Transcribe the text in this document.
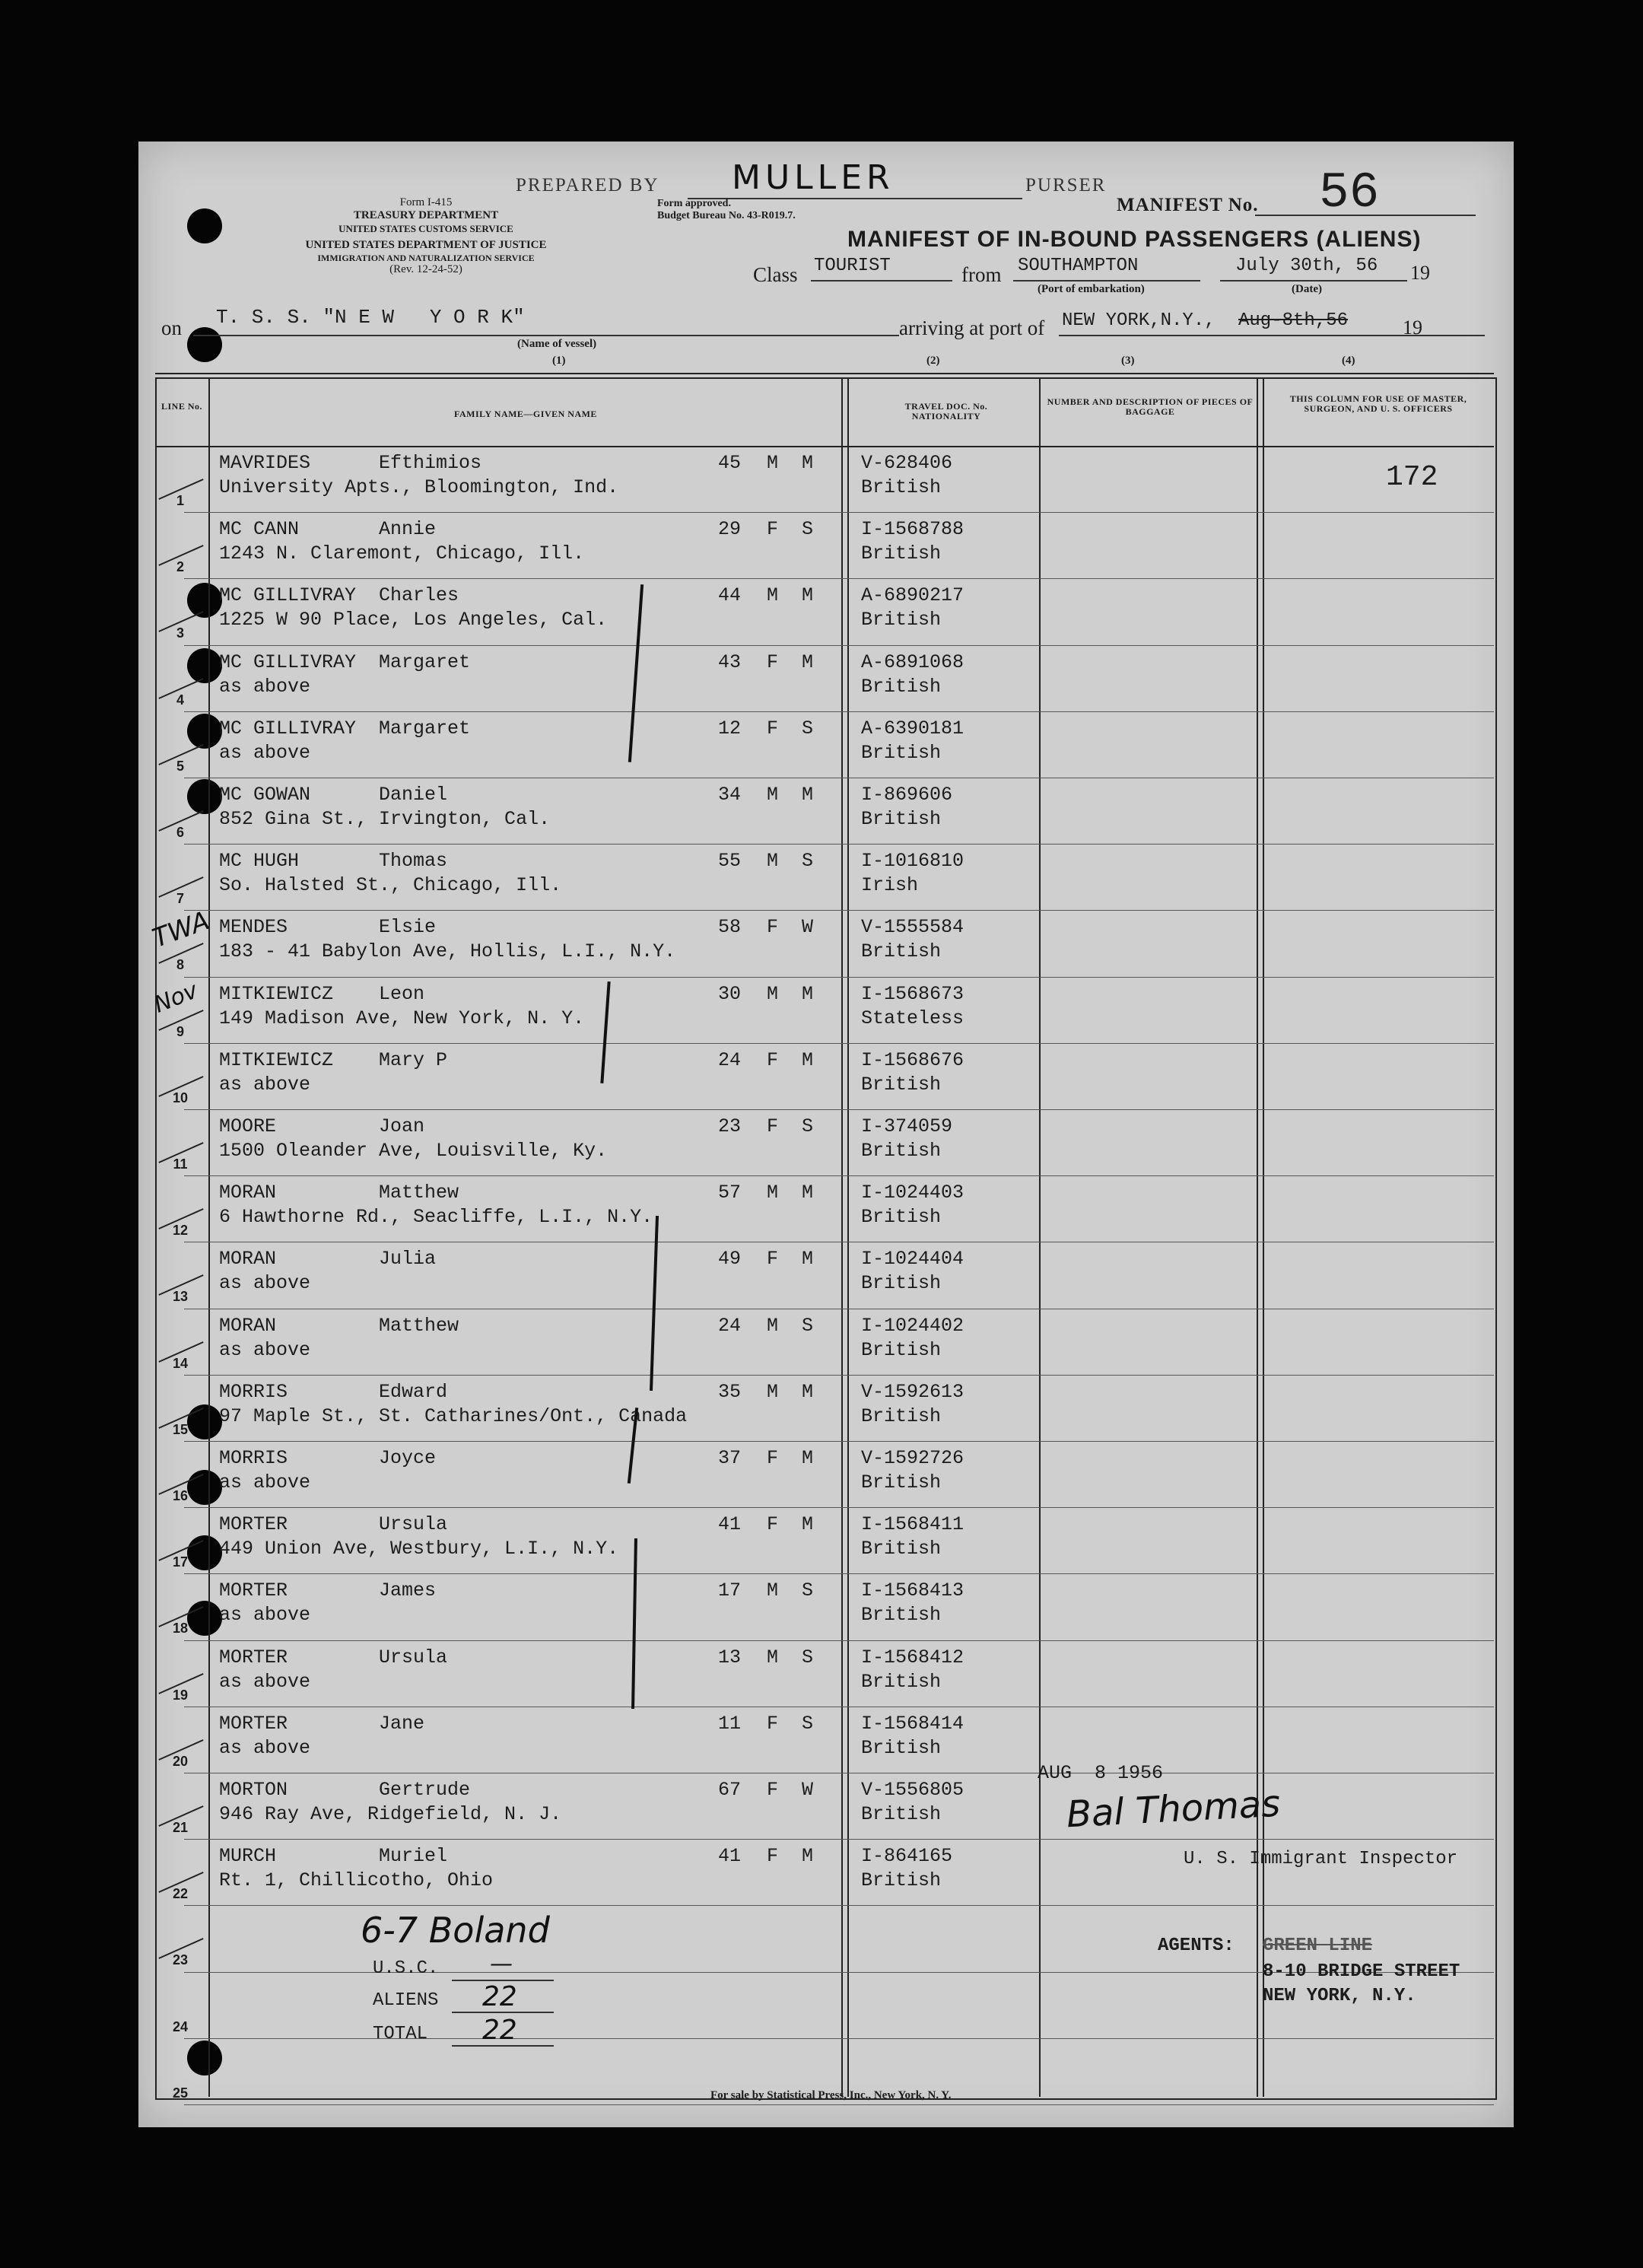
PREPARED BY MULLER	PURSER
MANIFEST No. 56
Form I-415
TREASURY DEPARTMENT
UNITED STATES CUSTOMS SERVICE
UNITED STATES DEPARTMENT OF JUSTICE
IMMIGRATION AND NATURALIZATION SERVICE
(Rev. 12-24-52)
Form approved.
Budget Bureau No. 43-R019.7.
MANIFEST OF IN-BOUND PASSENGERS (ALIENS)
Class TOURIST	from SOUTHAMPTON
(Port of embarkation)
July 30th, 56 19
(Date)
on T. S. S. "N E W   Y O R K"
(Name of vessel)
(1)
arriving at port of NEW YORK,N.Y., Aug-8th,56	19
(2)	(3)	(4)
LINE No.
FAMILY NAME—GIVEN NAME
TRAVEL DOC. No. NATIONALITY
NUMBER AND DESCRIPTION OF PIECES OF BAGGAGE
THIS COLUMN FOR USE OF MASTER, SURGEON, AND U. S. OFFICERS
1
MAVRIDES	Efthimios	45 M M
University Apts., Bloomington, Ind.
V-628406
British
2
MC CANN	Annie	29 F S
1243 N. Claremont, Chicago, Ill.
I-1568788
British
3
MC GILLIVRAY Charles	44 M M
1225 W 90 Place, Los Angeles, Cal.
A-6890217
British
4
MC GILLIVRAY Margaret	43 F M
as above
A-6891068
British
5
MC GILLIVRAY Margaret	12 F S
as above
A-6390181
British
6
MC GOWAN	Daniel	34 M M
852 Gina St., Irvington, Cal.
I-869606
British
7
MC HUGH	Thomas	55 M S
So. Halsted St., Chicago, Ill.
I-1016810
Irish
8
MENDES	Elsie	58 F W
183 - 41 Babylon Ave, Hollis, L.I., N.Y.
V-1555584
British
9
MITKIEWICZ Leon	30 M M
149 Madison Ave, New York, N. Y.
I-1568673
Stateless
10
MITKIEWICZ Mary P	24 F M
as above
I-1568676
British
11
MOORE	Joan	23 F S
1500 Oleander Ave, Louisville, Ky.
I-374059
British
12
MORAN	Matthew	57 M M
6 Hawthorne Rd., Seacliffe, L.I., N.Y.
I-1024403
British
13
MORAN	Julia	49 F M
as above
I-1024404
British
14
MORAN	Matthew	24 M S
as above
I-1024402
British
15
MORRIS	Edward	35 M M
97 Maple St., St. Catharines/Ont., Canada
V-1592613
British
16
MORRIS	Joyce	37 F M
as above
V-1592726
British
17
MORTER	Ursula	41 F M
449 Union Ave, Westbury, L.I., N.Y.
I-1568411
British
18
MORTER	James	17 M S
as above
I-1568413
British
19
MORTER	Ursula	13 M S
as above
I-1568412
British
20
MORTER	Jane	11 F S
as above
I-1568414
British
21
MORTON	Gertrude	67 F W
946 Ray Ave, Ridgefield, N. J.
V-1556805
British
22
MURCH	Muriel	41 F M
Rt. 1, Chillicotho, Ohio
I-864165
British
23
24
25
172
TWA
Nov
AUG  8 1956
Bal Thomas
U. S. Immigrant Inspector
6-7 Boland
U.S.C. —
ALIENS 22
TOTAL 22
AGENTS: GREEN LINE
8-10 BRIDGE STREET
NEW YORK, N.Y.
For sale by Statistical Press, Inc., New York, N. Y.
